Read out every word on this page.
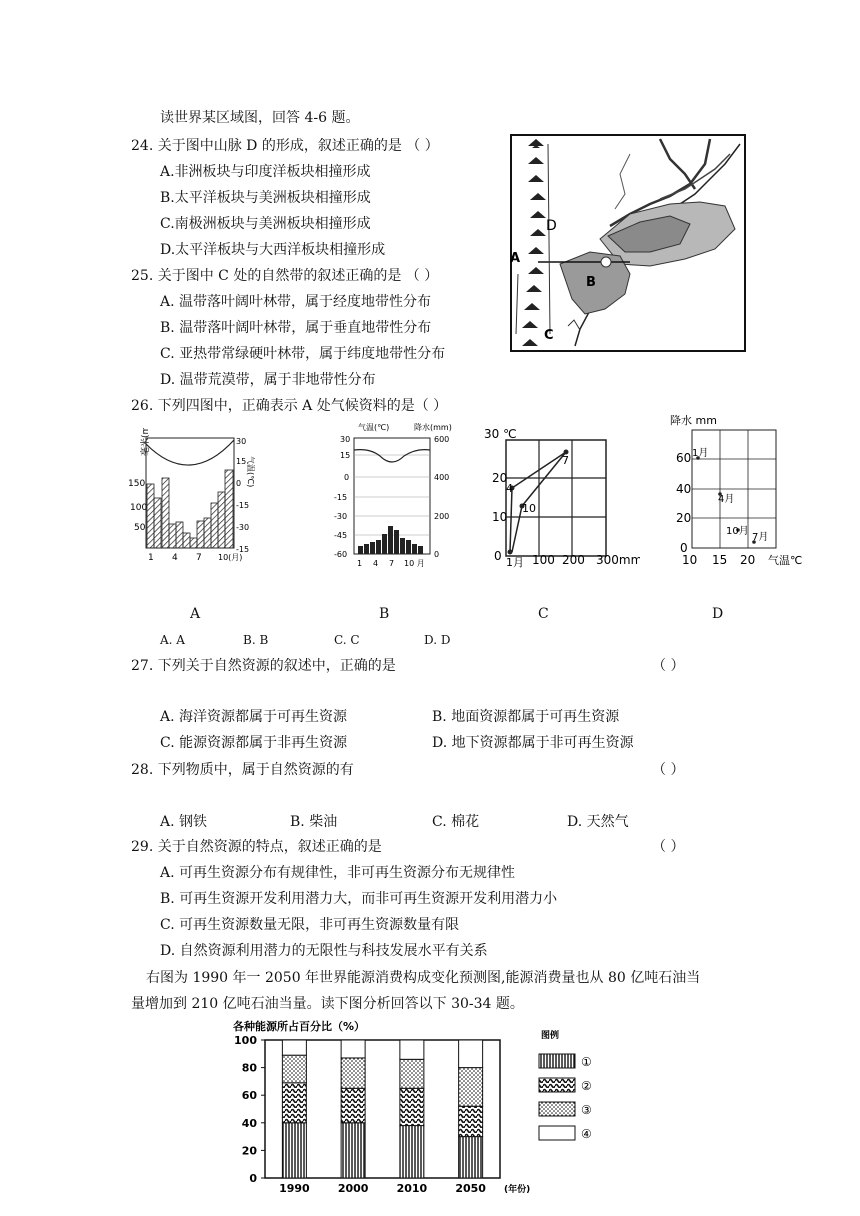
读世界某区域图，回答 4-6 题。
24. 关于图中山脉 D 的形成，叙述正确的是 （ ）
A.非洲板块与印度洋板块相撞形成
B.太平洋板块与美洲板块相撞形成
C.南极洲板块与美洲板块相撞形成
D.太平洋板块与大西洋板块相撞形成
25. 关于图中 C 处的自然带的叙述正确的是 （ ）
A. 温带落叶阔叶林带，属于经度地带性分布
B. 温带落叶阔叶林带，属于垂直地带性分布
C. 亚热带常绿硬叶林带，属于纬度地带性分布
D. 温带荒漠带，属于非地带性分布
D
A
B
C
26. 下列四图中，正确表示 A 处气候资料的是（ ）
毫米(mm)
150
100
50
30
15
0
-15
-30
-15
气温(℃)
1 4 7 10(月)
气温(℃)	降水(mm)
30
15
0
-15
-30
-45
-60
600
400
200
0
1 4 7 10 月
30 ℃
20
10
0
4
7
10
1月 100 200 300mm
降水 mm
1月
4月
10月
7月
60
40
20
0
10 15 20 气温℃
A	B	C	D
A. A	B. B	C. C	D. D
27. 下列关于自然资源的叙述中，正确的是	（ ）
A. 海洋资源都属于可再生资源	B. 地面资源都属于可再生资源
C. 能源资源都属于非再生资源	D. 地下资源都属于非可再生资源
28. 下列物质中，属于自然资源的有	（ ）
A. 钢铁	B. 柴油	C. 棉花	D. 天然气
29. 关于自然资源的特点，叙述正确的是	（ ）
A. 可再生资源分布有规律性，非可再生资源分布无规律性
B. 可再生资源开发利用潜力大，而非可再生资源开发利用潜力小
C. 可再生资源数量无限，非可再生资源数量有限
D. 自然资源利用潜力的无限性与科技发展水平有关系
右图为 1990 年一 2050 年世界能源消费构成变化预测图,能源消费量也从 80 亿吨石油当
量增加到 210 亿吨石油当量。读下图分析回答以下 30-34 题。
各种能源所占百分比（%）
0
20
40
60
80
100
1990	2000	2010	2050 (年份)
图例
①
②
③
④
